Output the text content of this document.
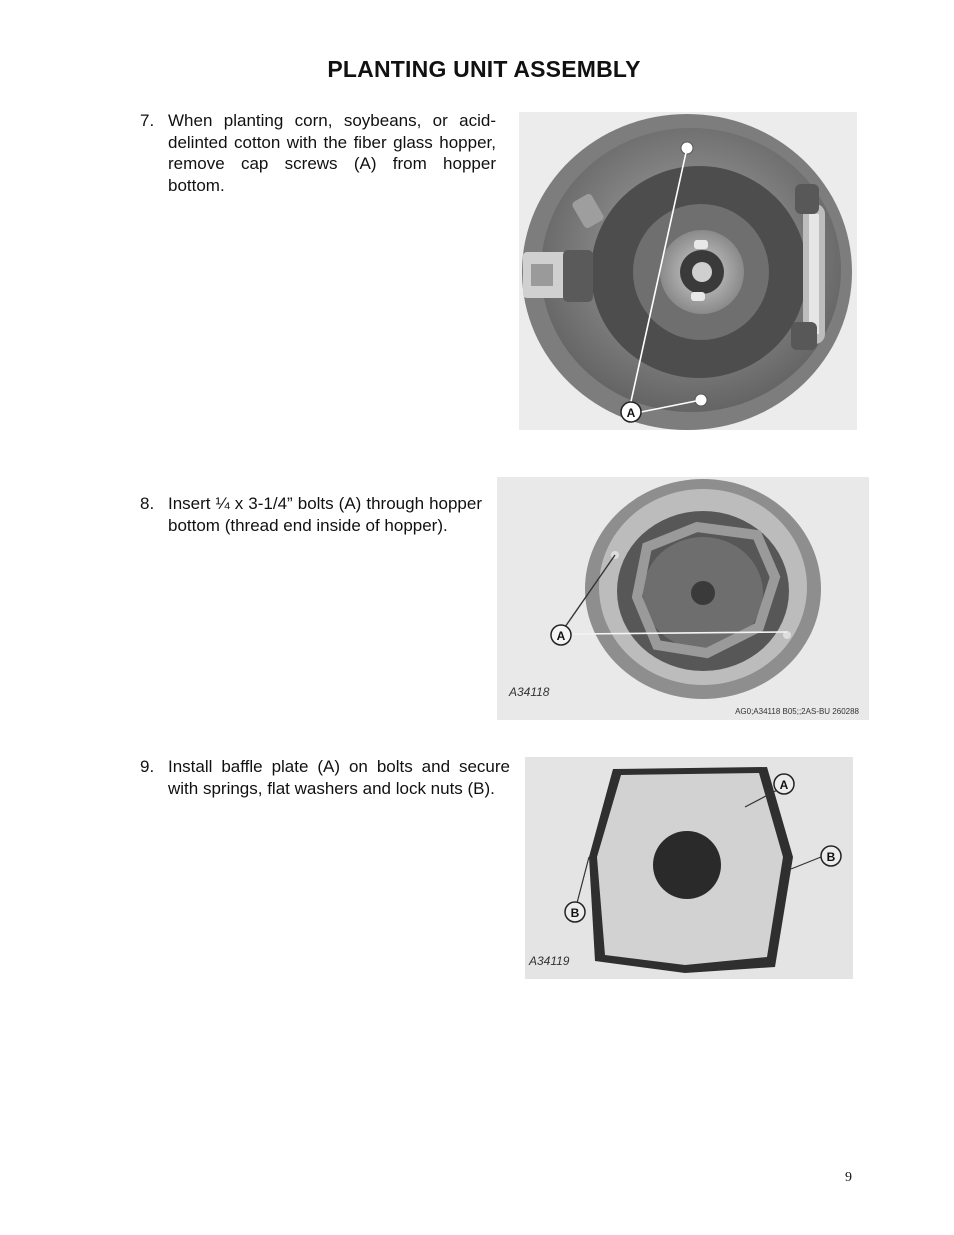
PLANTING UNIT ASSEMBLY
7. When planting corn, soybeans, or acid-delinted cotton with the fiber glass hopper, remove cap screws (A) from hopper bottom.
A
8. Insert ¼ x 3-1/4” bolts (A) through hopper bottom (thread end inside of hopper).
A
A34118
AG0;A34118 B05;;2AS-BU 260288
9. Install baffle plate (A) on bolts and secure with springs, flat washers and lock nuts (B).	A
B
B
A34119
9
